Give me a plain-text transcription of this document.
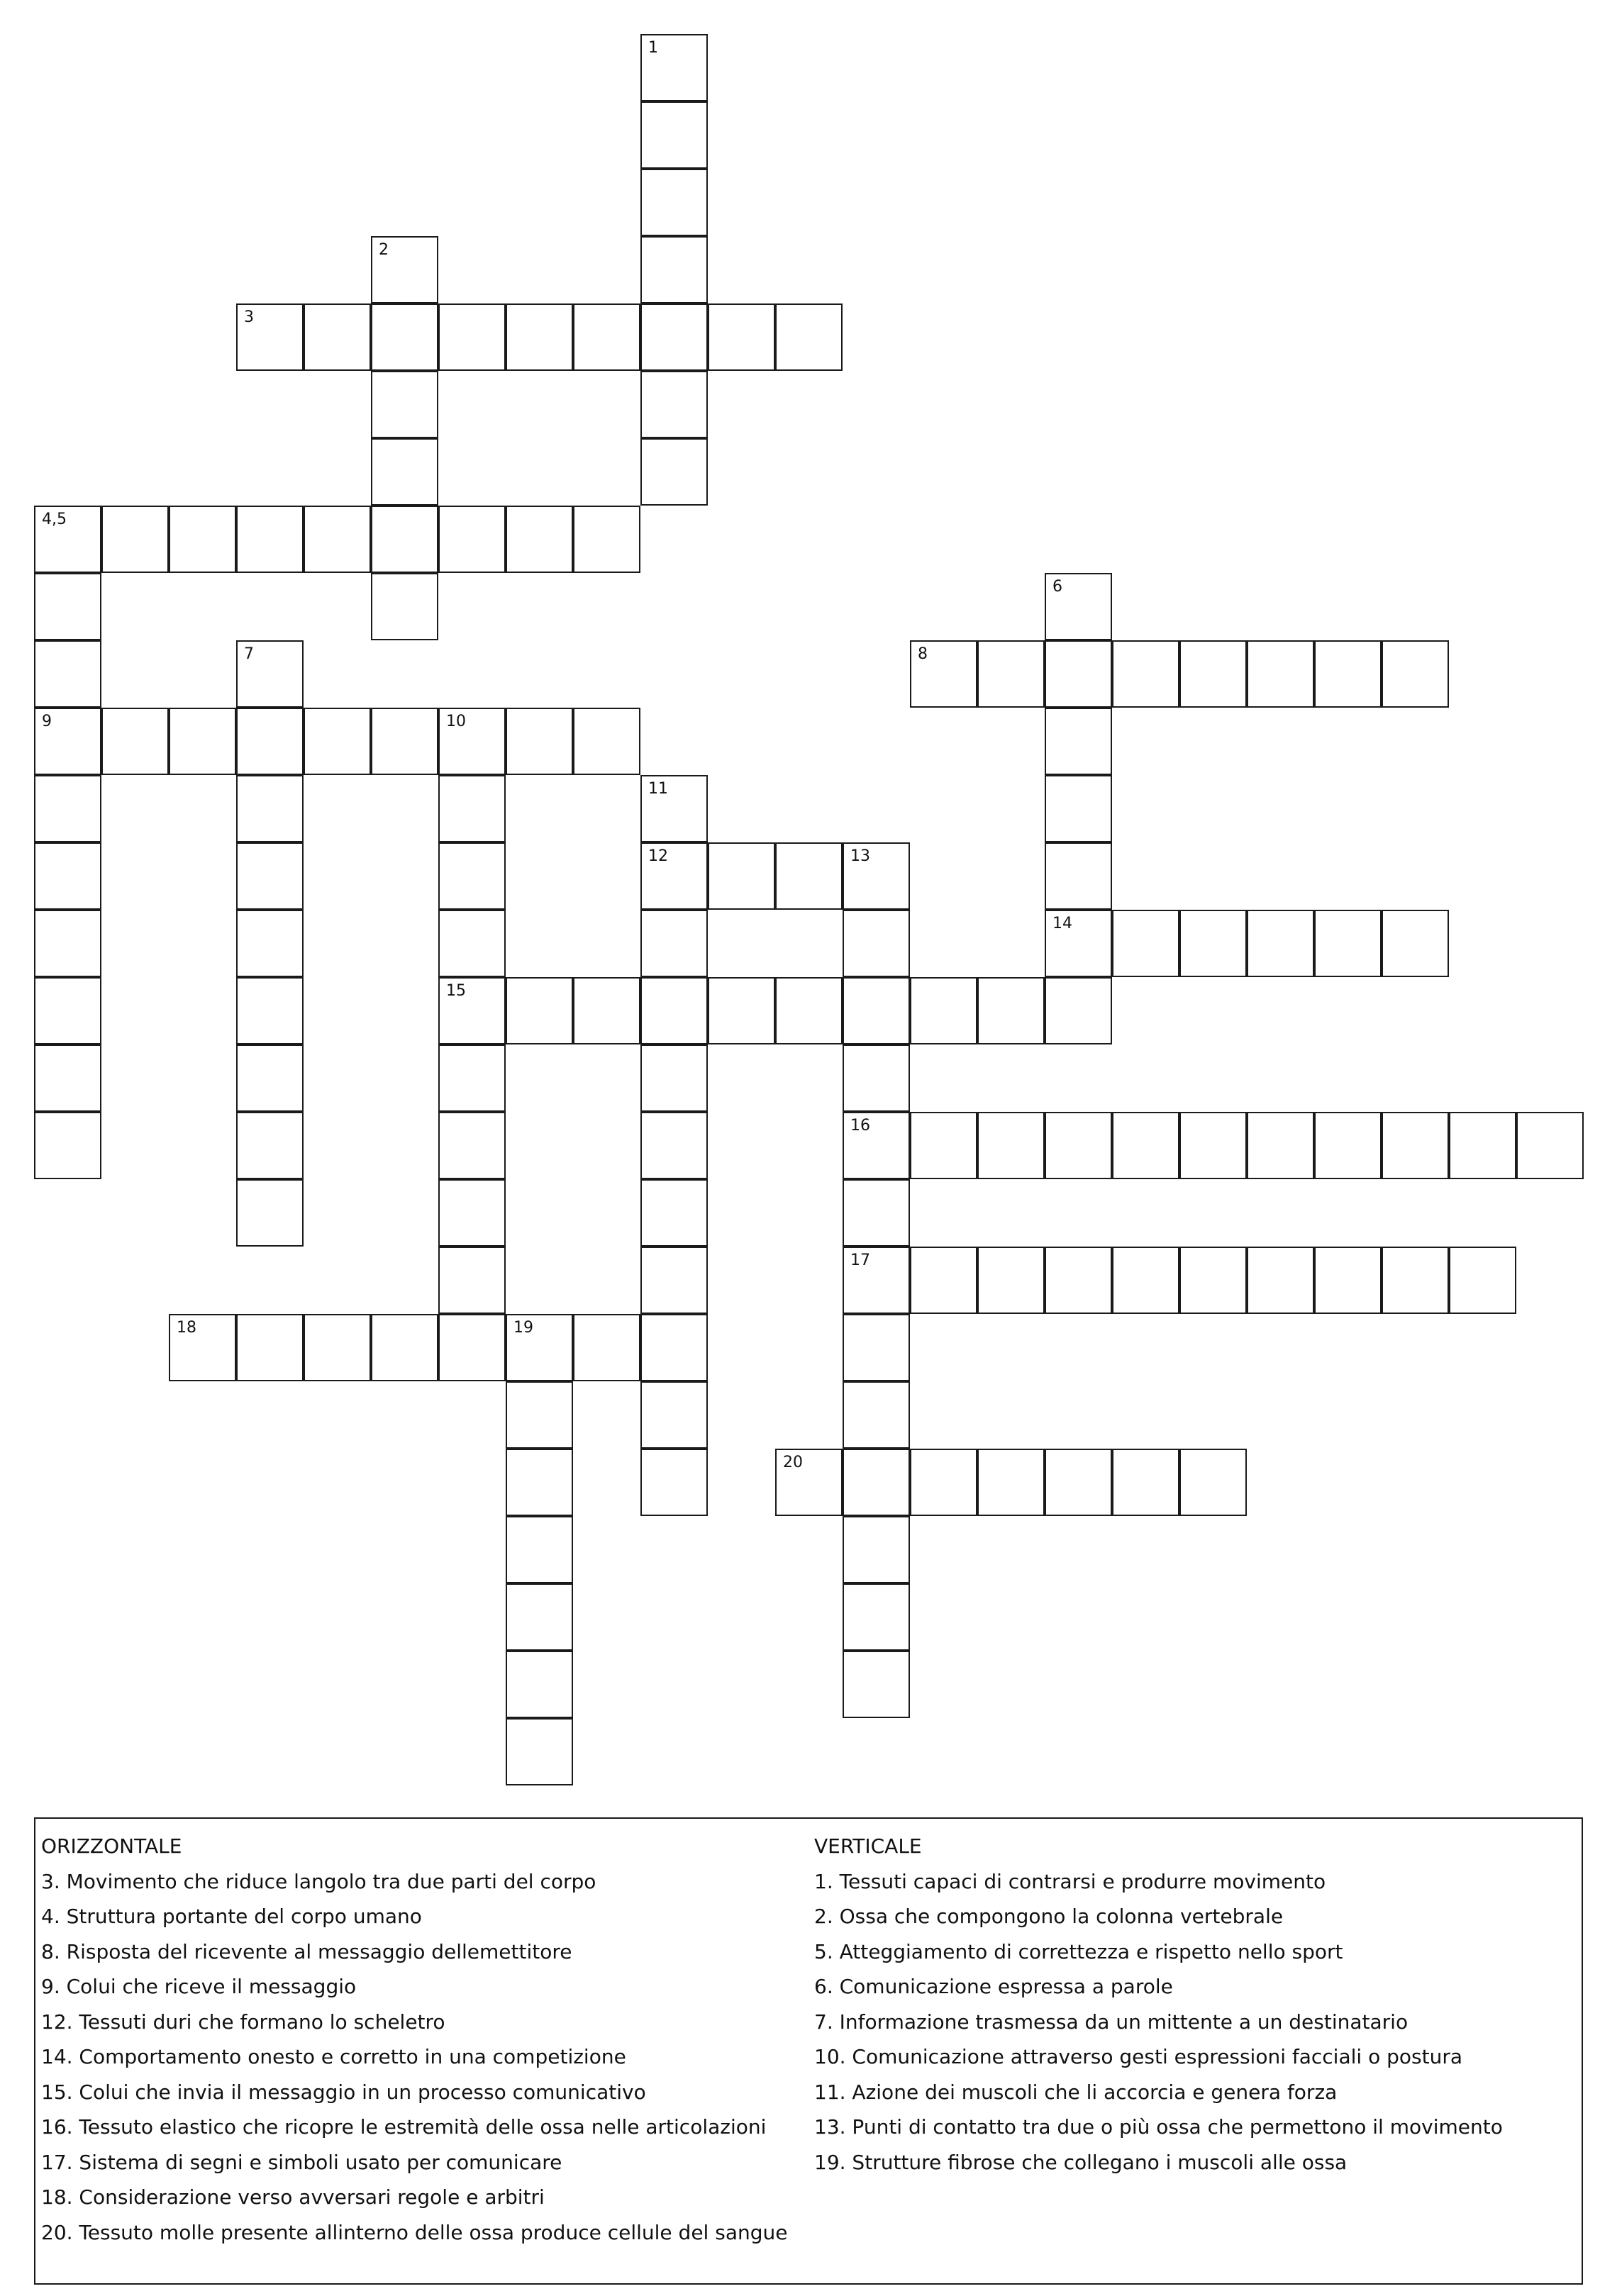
1
2
3
4,5
9
6
14
7	8
10
15
11
12	13
16
17
18	19
20
ORIZZONTALE
3. Movimento che riduce langolo tra due parti del corpo
4. Struttura portante del corpo umano
8. Risposta del ricevente al messaggio dellemettitore
9. Colui che riceve il messaggio
12. Tessuti duri che formano lo scheletro
14. Comportamento onesto e corretto in una competizione
15. Colui che invia il messaggio in un processo comunicativo
16. Tessuto elastico che ricopre le estremità delle ossa nelle articolazioni
17. Sistema di segni e simboli usato per comunicare
18. Considerazione verso avversari regole e arbitri
20. Tessuto molle presente allinterno delle ossa produce cellule del sangue
VERTICALE
1. Tessuti capaci di contrarsi e produrre movimento
2. Ossa che compongono la colonna vertebrale
5. Atteggiamento di correttezza e rispetto nello sport
6. Comunicazione espressa a parole
7. Informazione trasmessa da un mittente a un destinatario
10. Comunicazione attraverso gesti espressioni facciali o postura
11. Azione dei muscoli che li accorcia e genera forza
13. Punti di contatto tra due o più ossa che permettono il movimento
19. Strutture fibrose che collegano i muscoli alle ossa
